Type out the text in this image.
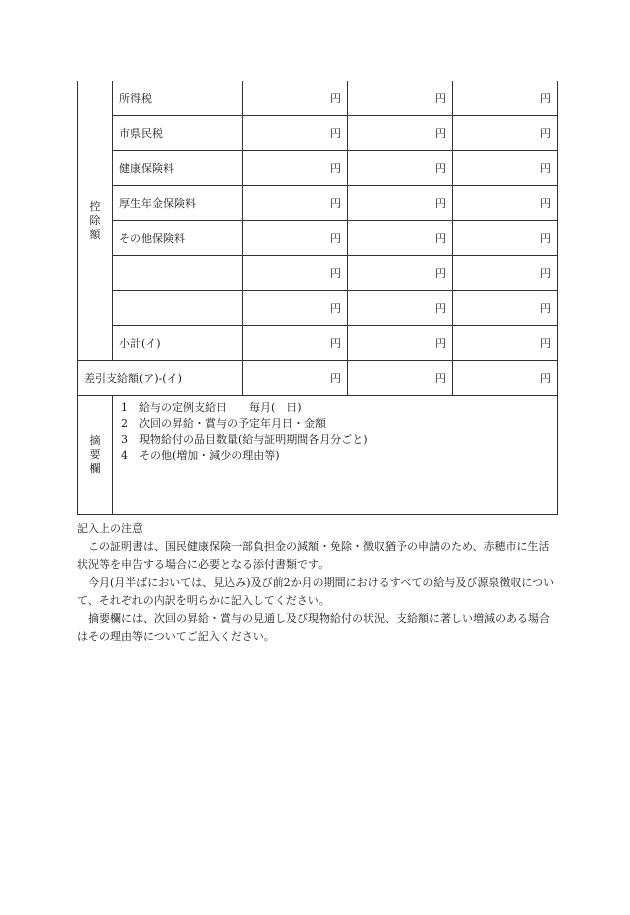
控除額	所得税	円	円	円
	市県民税	円	円	円
	健康保険料	円	円	円
	厚生年金保険料	円	円	円
	その他保険料	円	円	円
		円	円	円
		円	円	円
	小計(イ)	円	円	円
差引支給額(ア)-(イ)		円	円	円
摘要欄	1　給与の定例支給日　　毎月(　日)
2　次回の昇給・賞与の予定年月日・金額
3　現物給付の品目数量(給与証明期間各月分ごと)
4　その他(増加・減少の理由等)			
記入上の注意

この証明書は、国民健康保険一部負担金の減額・免除・徴収猶予の申請のため、赤穂市に生活状況等を申告する場合に必要となる添付書類です。

今月(月半ばにおいては、見込み)及び前2か月の期間におけるすべての給与及び源泉徴収について、それぞれの内訳を明らかに記入してください。

摘要欄には、次回の昇給・賞与の見通し及び現物給付の状況、支給額に著しい増減のある場合はその理由等についてご記入ください。
